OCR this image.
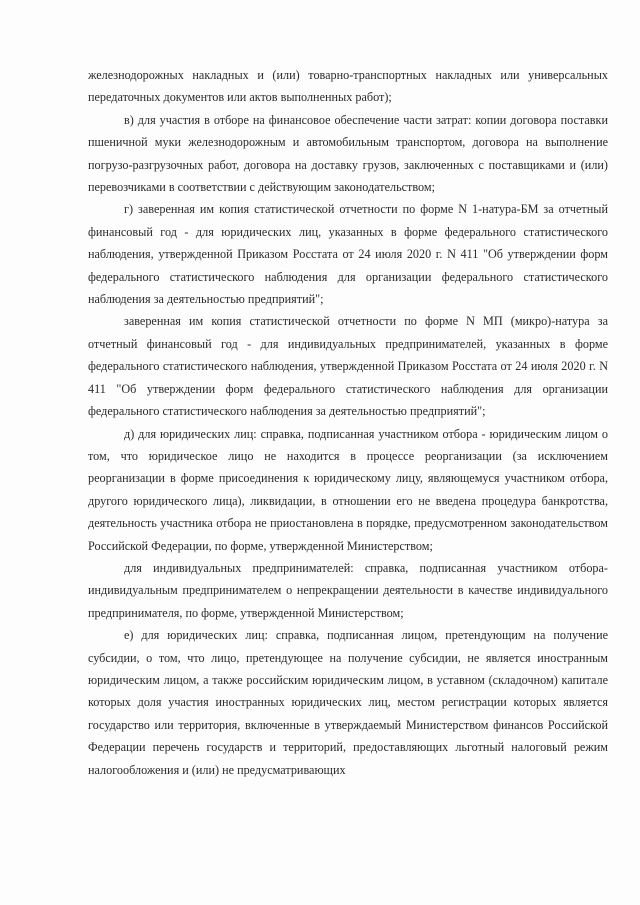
железнодорожных накладных и (или) товарно-транспортных накладных или универсальных передаточных документов или актов выполненных работ);

в) для участия в отборе на финансовое обеспечение части затрат: копии договора поставки пшеничной муки железнодорожным и автомобильным транспортом, договора на выполнение погрузо-разгрузочных работ, договора на доставку грузов, заключенных с поставщиками и (или) перевозчиками в соответствии с действующим законодательством;

г) заверенная им копия статистической отчетности по форме N 1-натура-БМ за отчетный финансовый год - для юридических лиц, указанных в форме федерального статистического наблюдения, утвержденной Приказом Росстата от 24 июля 2020 г. N 411 "Об утверждении форм федерального статистического наблюдения для организации федерального статистического наблюдения за деятельностью предприятий";

заверенная им копия статистической отчетности по форме N МП (микро)-натура за отчетный финансовый год - для индивидуальных предпринимателей, указанных в форме федерального статистического наблюдения, утвержденной Приказом Росстата от 24 июля 2020 г. N 411 "Об утверждении форм федерального статистического наблюдения для организации федерального статистического наблюдения за деятельностью предприятий";

д) для юридических лиц: справка, подписанная участником отбора - юридическим лицом о том, что юридическое лицо не находится в процессе реорганизации (за исключением реорганизации в форме присоединения к юридическому лицу, являющемуся участником отбора, другого юридического лица), ликвидации, в отношении его не введена процедура банкротства, деятельность участника отбора не приостановлена в порядке, предусмотренном законодательством Российской Федерации, по форме, утвержденной Министерством;

для индивидуальных предпринимателей: справка, подписанная участником отбора- индивидуальным предпринимателем о непрекращении деятельности в качестве индивидуального предпринимателя, по форме, утвержденной Министерством;

е) для юридических лиц: справка, подписанная лицом, претендующим на получение субсидии, о том, что лицо, претендующее на получение субсидии, не является иностранным юридическим лицом, а также российским юридическим лицом, в уставном (складочном) капитале которых доля участия иностранных юридических лиц, местом регистрации которых является государство или территория, включенные в утверждаемый Министерством финансов Российской Федерации перечень государств и территорий, предоставляющих льготный налоговый режим налогообложения и (или) не предусматривающих
